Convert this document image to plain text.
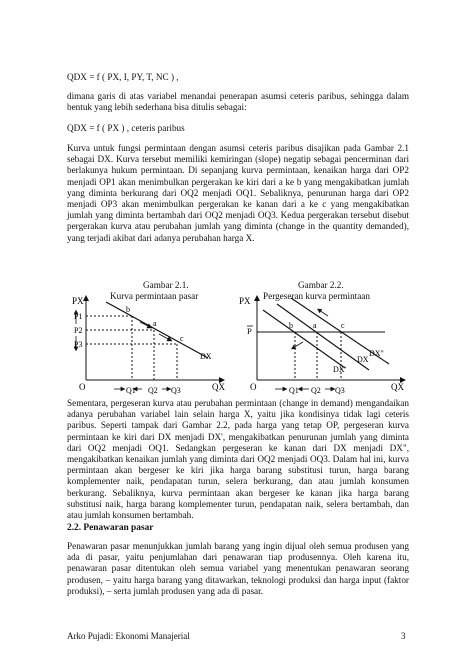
QDX = f ( PX, I, PY, T, NC ) ,

dimana garis di atas variabel menandai penerapan asumsi ceteris paribus, sehingga dalam bentuk yang lebih sederhana bisa ditulis sebagai:

QDX = f ( PX ) , ceteris paribus

Kurva untuk fungsi permintaan dengan asumsi ceteris paribus disajikan pada Gambar 2.1 sebagai DX. Kurva tersebut memiliki kemiringan (slope) negatip sebagai pencerminan dari berlakunya hukum permintaan. Di sepanjang kurva permintaan, kenaikan harga dari OP2 menjadi OP1 akan menimbulkan pergerakan ke kiri dari a ke b yang mengakibatkan jumlah yang diminta berkurang dari OQ2 menjadi OQ1. Sebaliknya, penurunan harga dari OP2 menjadi OP3 akan menimbulkan pergerakan ke kanan dari a ke c yang mengakibatkan jumlah yang diminta bertambah dari OQ2 menjadi OQ3. Kedua pergerakan tersebut disebut pergerakan kurva atau perubahan jumlah yang diminta (change in the quantity demanded), yang terjadi akibat dari adanya perubahan harga X.

Gambar 2.1.
Kurva permintaan pasar
PX
QX
O
P1
P2
P3
b
a
c
DX
Q1 Q2 Q3
Gambar 2.2.
Pergeseran kurva permintaan
PX
QX
O
P
b	a	c
DX"
DX
DX'
Q1 Q2 Q3

Sementara, pergeseran kurva atau perubahan permintaan (change in demand) mengandaikan adanya perubahan variabel lain selain harga X, yaitu jika kondisinya tidak lagi ceteris paribus. Seperti tampak dari Gambar 2.2, pada harga yang tetap OP, pergeseran kurva permintaan ke kiri dari DX menjadi DX', mengakibatkan penurunan jumlah yang diminta dari OQ2 menjadi OQ1. Sedangkan pergeseran ke kanan dari DX menjadi DX", mengakibatkan kenaikan jumlah yang diminta dari OQ2 menjadi OQ3. Dalam hal ini, kurva permintaan akan bergeser ke kiri jika harga barang substitusi turun, harga barang komplementer naik, pendapatan turun, selera berkurang, dan atau jumlah konsumen berkurang. Sebaliknya, kurva permintaan akan bergeser ke kanan jika harga barang substitusi naik, harga barang komplementer turun, pendapatan naik, selera bertambah, dan atau jumlah konsumen bertambah.

2.2. Penawaran pasar

Penawaran pasar menunjukkan jumlah barang yang ingin dijual oleh semua produsen yang ada di pasar, yaitu penjumlahan dari penawaran tiap produsennya. Oleh karena itu, penawaran pasar ditentukan oleh semua variabel yang menentukan penawaran seorang produsen, – yaitu harga barang yang ditawarkan, teknologi produksi dan harga input (faktor produksi), – serta jumlah produsen yang ada di pasar.

Arko Pujadi: Ekonomi Manajerial	3
